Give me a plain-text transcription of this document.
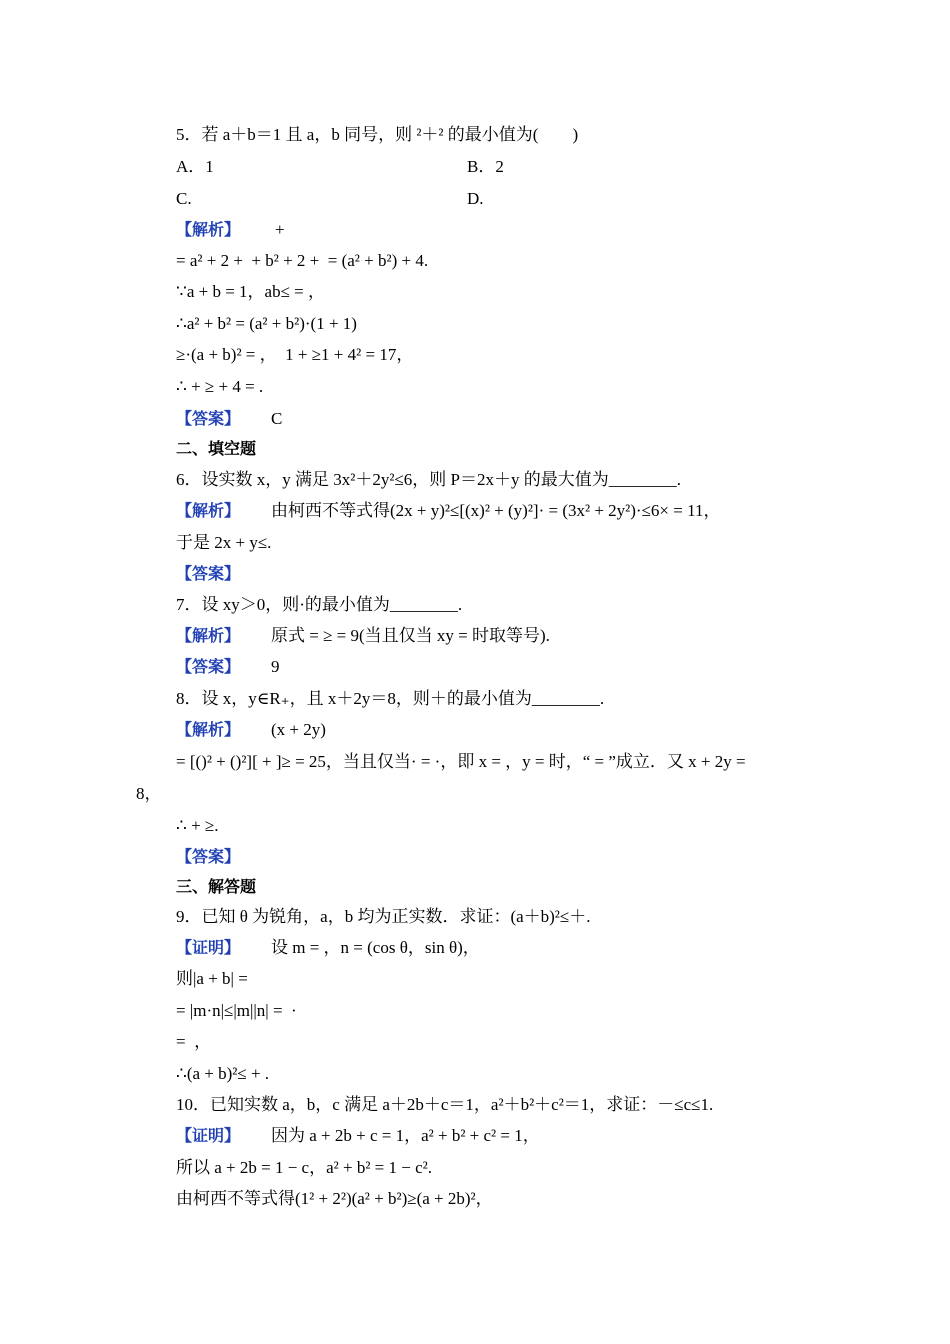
5．若 a＋b＝1 且 a，b 同号，则 ²＋² 的最小值为(　　)
A．1	B．2
C.	D.
【解析】 +
= a² + 2 +  + b² + 2 +  = (a² + b²) + 4.
∵a + b = 1，ab≤ = ，
∴a² + b² = (a² + b²)·(1 + 1)
≥·(a + b)² = ，  1 + ≥1 + 4² = 17，
∴ + ≥ + 4 = .
【答案】 C
二、填空题
6．设实数 x，y 满足 3x²＋2y²≤6，则 P＝2x＋y 的最大值为________.
【解析】 由柯西不等式得(2x + y)²≤[(x)² + (y)²]· = (3x² + 2y²)·≤6× = 11，
于是 2x + y≤.
【答案】
7．设 xy＞0，则·的最小值为________.
【解析】 原式 = ≥ = 9(当且仅当 xy = 时取等号).
【答案】 9
8．设 x，y∈R₊，且 x＋2y＝8，则＋的最小值为________.
【解析】 (x + 2y)
= [()² + ()²][ + ]≥ = 25，当且仅当· = ·，即 x = ，y = 时，“ = ”成立．又 x + 2y =
8，
∴ + ≥.
【答案】
三、解答题
9．已知 θ 为锐角，a，b 均为正实数．求证：(a＋b)²≤＋.
【证明】 设 m = ，n = (cos θ，sin θ)，
则|a + b| =
= |m·n|≤|m||n| =  ·
=  ，
∴(a + b)²≤ + .
10．已知实数 a，b，c 满足 a＋2b＋c＝1，a²＋b²＋c²＝1，求证：－≤c≤1.
【证明】 因为 a + 2b + c = 1，a² + b² + c² = 1，
所以 a + 2b = 1 − c，a² + b² = 1 − c².
由柯西不等式得(1² + 2²)(a² + b²)≥(a + 2b)²，
